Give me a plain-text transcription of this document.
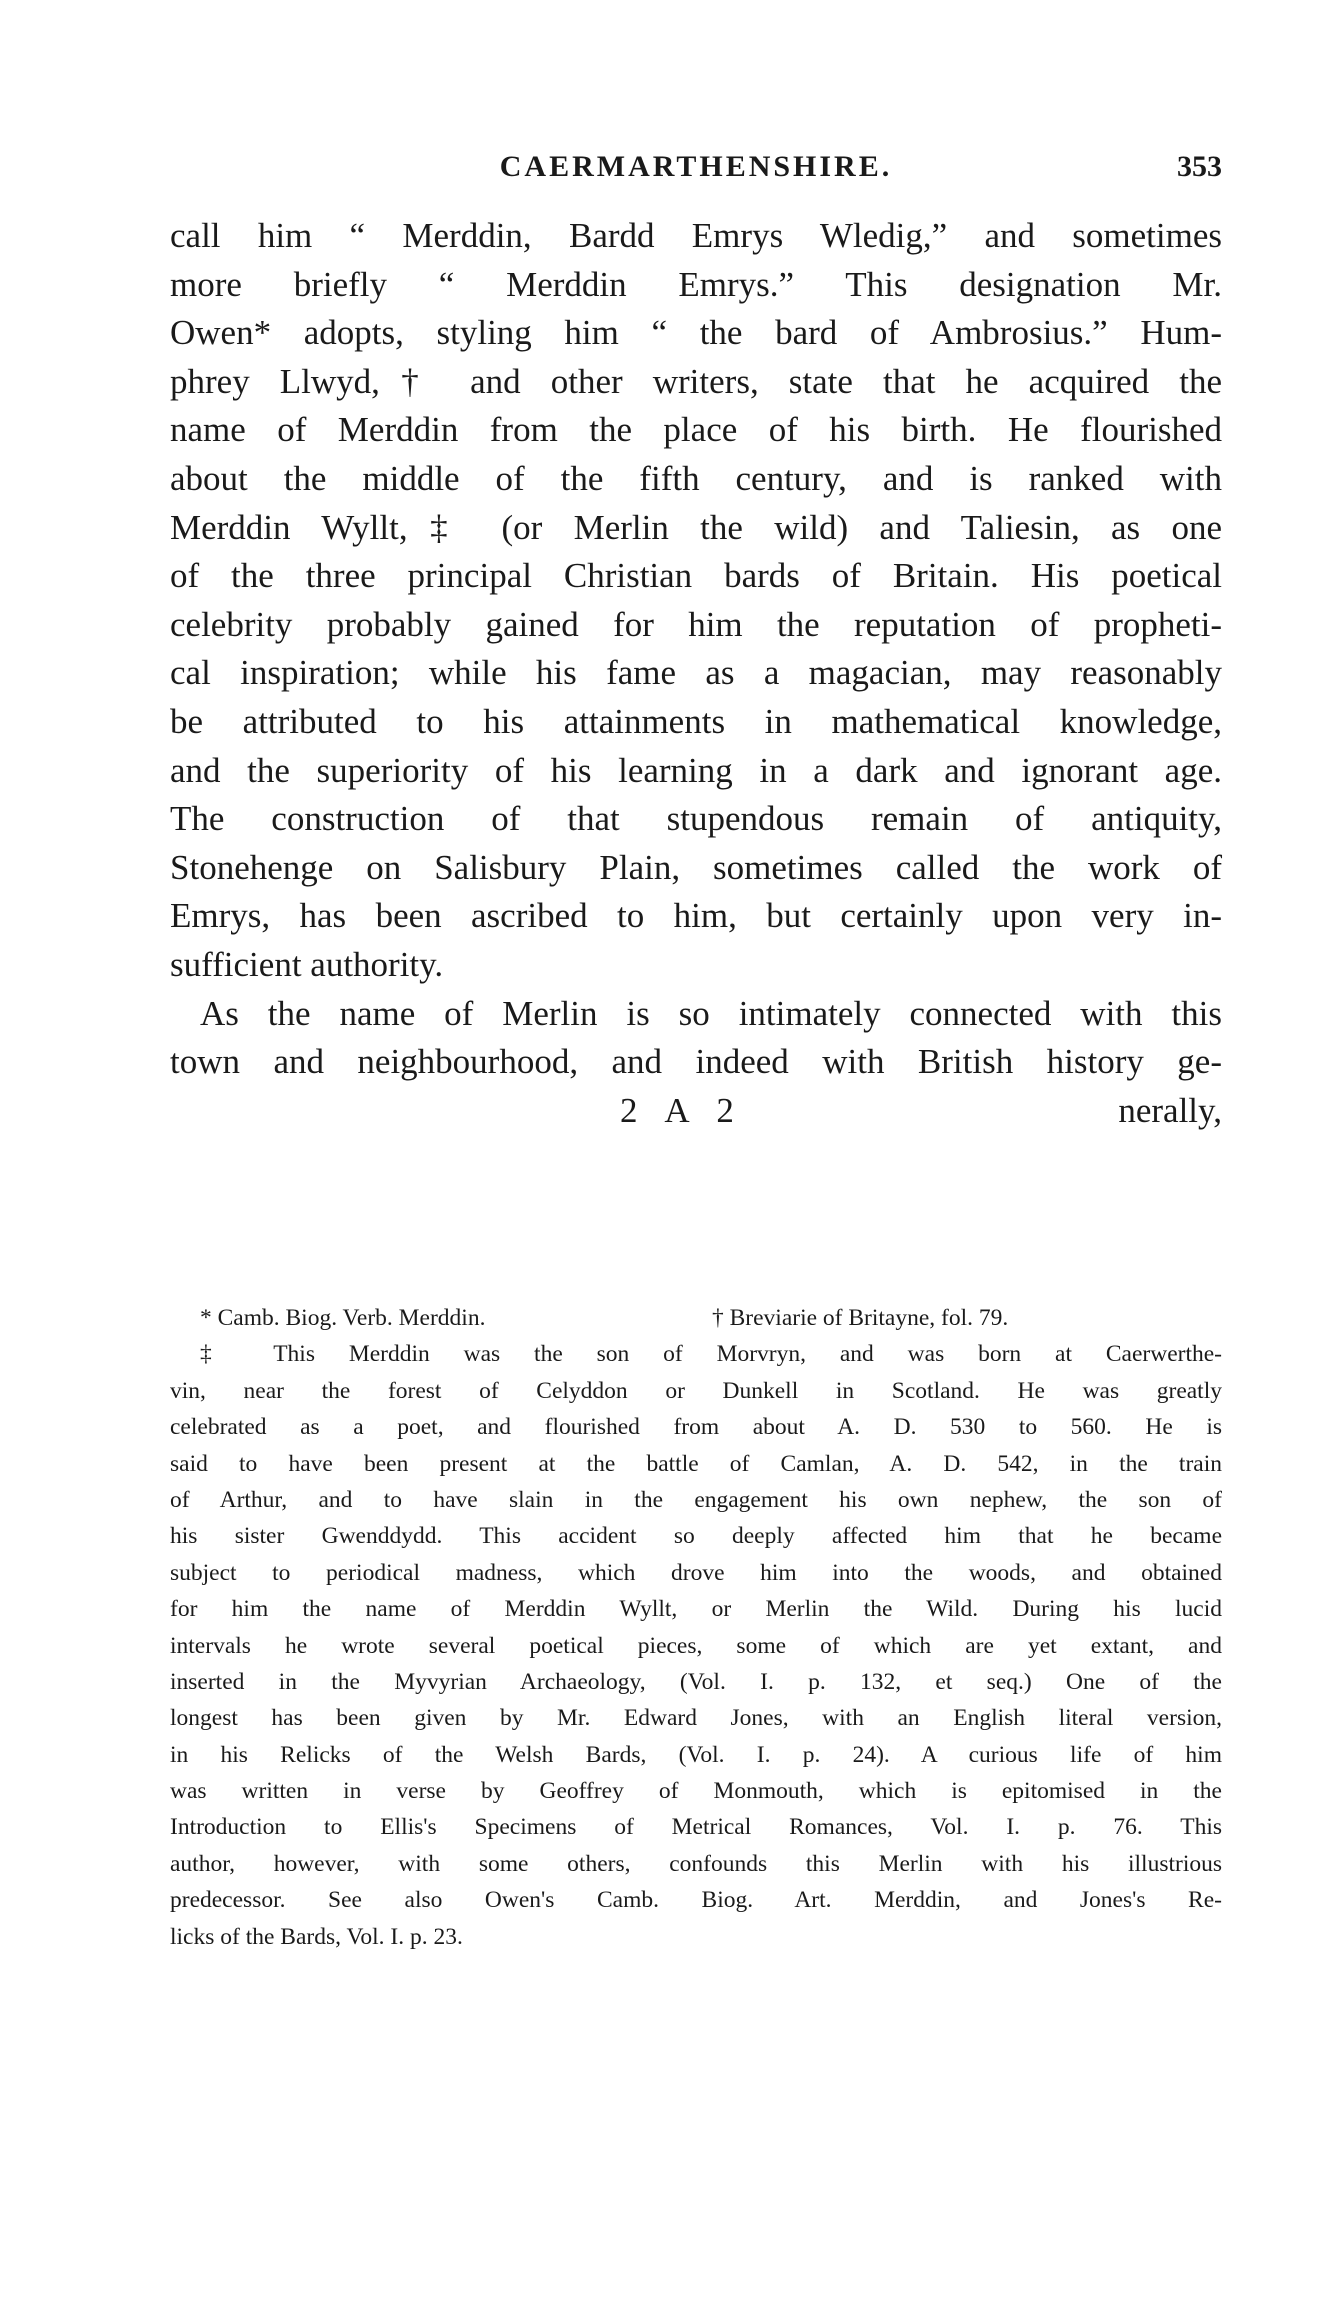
CAERMARTHENSHIRE.	353
call him “ Merddin, Bardd Emrys Wledig,” and sometimes
more briefly “ Merddin Emrys.” This designation Mr.
Owen* adopts, styling him “ the bard of Ambrosius.” Hum-
phrey Llwyd,† and other writers, state that he acquired the
name of Merddin from the place of his birth. He flourished
about the middle of the fifth century, and is ranked with
Merddin Wyllt,‡ (or Merlin the wild) and Taliesin, as one
of the three principal Christian bards of Britain. His poetical
celebrity probably gained for him the reputation of propheti-
cal inspiration; while his fame as a magacian, may reasonably
be attributed to his attainments in mathematical knowledge,
and the superiority of his learning in a dark and ignorant age.
The construction of that stupendous remain of antiquity,
Stonehenge on Salisbury Plain, sometimes called the work of
Emrys, has been ascribed to him, but certainly upon very in-
sufficient authority.
As the name of Merlin is so intimately connected with this
town and neighbourhood, and indeed with British history ge-
2 A 2	nerally,
* Camb. Biog. Verb. Merddin.	† Breviarie of Britayne, fol. 79.
‡ This Merddin was the son of Morvryn, and was born at Caerwerthe-
vin, near the forest of Celyddon or Dunkell in Scotland. He was greatly
celebrated as a poet, and flourished from about A. D. 530 to 560. He is
said to have been present at the battle of Camlan, A. D. 542, in the train
of Arthur, and to have slain in the engagement his own nephew, the son of
his sister Gwenddydd. This accident so deeply affected him that he became
subject to periodical madness, which drove him into the woods, and obtained
for him the name of Merddin Wyllt, or Merlin the Wild. During his lucid
intervals he wrote several poetical pieces, some of which are yet extant, and
inserted in the Myvyrian Archaeology, (Vol. I. p. 132, et seq.) One of the
longest has been given by Mr. Edward Jones, with an English literal version,
in his Relicks of the Welsh Bards, (Vol. I. p. 24). A curious life of him
was written in verse by Geoffrey of Monmouth, which is epitomised in the
Introduction to Ellis's Specimens of Metrical Romances, Vol. I. p. 76. This
author, however, with some others, confounds this Merlin with his illustrious
predecessor. See also Owen's Camb. Biog. Art. Merddin, and Jones's Re-
licks of the Bards, Vol. I. p. 23.
